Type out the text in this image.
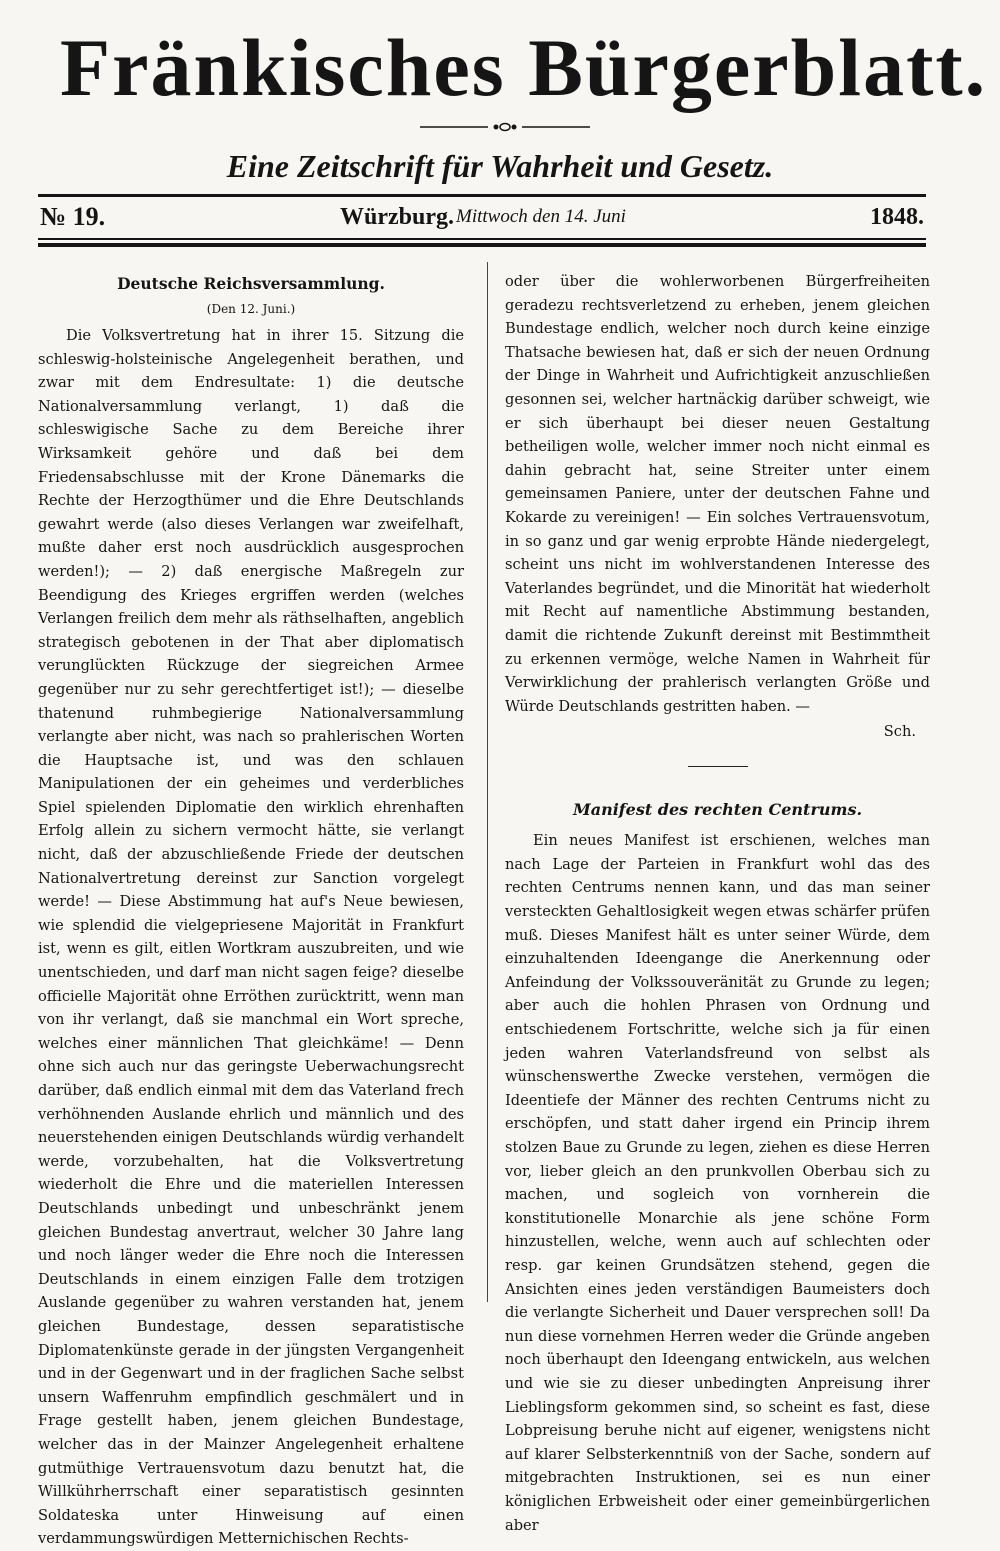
Fränkisches Bürgerblatt.
Eine Zeitschrift für Wahrheit und Gesetz.
№ 19.	Würzburg. Mittwoch den 14. Juni	1848.
Deutsche Reichsversammlung.
(Den 12. Juni.)

Die Volksvertretung hat in ihrer 15. Sitzung die schleswig-holsteinische Angelegenheit berathen, und zwar mit dem Endresultate: 1) die deutsche Nationalversammlung verlangt, 1) daß die schleswigische Sache zu dem Bereiche ihrer Wirksamkeit gehöre und daß bei dem Friedensabschlusse mit der Krone Dänemarks die Rechte der Herzogthümer und die Ehre Deutschlands gewahrt werde (also dieses Verlangen war zweifelhaft, mußte daher erst noch ausdrücklich ausgesprochen werden!); — 2) daß energische Maßregeln zur Beendigung des Krieges ergriffen werden (welches Verlangen freilich dem mehr als räthselhaften, angeblich strategisch gebotenen in der That aber diplomatisch verunglückten Rückzuge der siegreichen Armee gegenüber nur zu sehr gerechtfertiget ist!); — dieselbe thatenund ruhmbegierige Nationalversammlung verlangte aber nicht, was nach so prahlerischen Worten die Hauptsache ist, und was den schlauen Manipulationen der ein geheimes und verderbliches Spiel spielenden Diplomatie den wirklich ehrenhaften Erfolg allein zu sichern vermocht hätte, sie verlangt nicht, daß der abzuschließende Friede der deutschen Nationalvertretung dereinst zur Sanction vorgelegt werde! — Diese Abstimmung hat auf's Neue bewiesen, wie splendid die vielgepriesene Majorität in Frankfurt ist, wenn es gilt, eitlen Wortkram auszubreiten, und wie unentschieden, und darf man nicht sagen feige? dieselbe officielle Majorität ohne Erröthen zurücktritt, wenn man von ihr verlangt, daß sie manchmal ein Wort spreche, welches einer männlichen That gleichkäme! — Denn ohne sich auch nur das geringste Ueberwachungsrecht darüber, daß endlich einmal mit dem das Vaterland frech verhöhnenden Auslande ehrlich und männlich und des neuerstehenden einigen Deutschlands würdig verhandelt werde, vorzubehalten, hat die Volksvertretung wiederholt die Ehre und die materiellen Interessen Deutschlands unbedingt und unbeschränkt jenem gleichen Bundestag anvertraut, welcher 30 Jahre lang und noch länger weder die Ehre noch die Interessen Deutschlands in einem einzigen Falle dem trotzigen Auslande gegenüber zu wahren verstanden hat, jenem gleichen Bundestage, dessen separatistische Diplomatenkünste gerade in der jüngsten Vergangenheit und in der Gegenwart und in der fraglichen Sache selbst unsern Waffenruhm empfindlich geschmälert und in Frage gestellt haben, jenem gleichen Bundestage, welcher das in der Mainzer Angelegenheit erhaltene gutmüthige Vertrauensvotum dazu benutzt hat, die Willkührherrschaft einer separatistisch gesinnten Soldateska unter Hinweisung auf einen verdammungswürdigen Metternichischen Rechts-

oder über die wohlerworbenen Bürgerfreiheiten geradezu rechtsverletzend zu erheben, jenem gleichen Bundestage endlich, welcher noch durch keine einzige Thatsache bewiesen hat, daß er sich der neuen Ordnung der Dinge in Wahrheit und Aufrichtigkeit anzuschließen gesonnen sei, welcher hartnäckig darüber schweigt, wie er sich überhaupt bei dieser neuen Gestaltung betheiligen wolle, welcher immer noch nicht einmal es dahin gebracht hat, seine Streiter unter einem gemeinsamen Paniere, unter der deutschen Fahne und Kokarde zu vereinigen! — Ein solches Vertrauensvotum, in so ganz und gar wenig erprobte Hände niedergelegt, scheint uns nicht im wohlverstandenen Interesse des Vaterlandes begründet, und die Minorität hat wiederholt mit Recht auf namentliche Abstimmung bestanden, damit die richtende Zukunft dereinst mit Bestimmtheit zu erkennen vermöge, welche Namen in Wahrheit für Verwirklichung der prahlerisch verlangten Größe und Würde Deutschlands gestritten haben. —

Sch.
Manifest des rechten Centrums.

Ein neues Manifest ist erschienen, welches man nach Lage der Parteien in Frankfurt wohl das des rechten Centrums nennen kann, und das man seiner versteckten Gehaltlosigkeit wegen etwas schärfer prüfen muß. Dieses Manifest hält es unter seiner Würde, dem einzuhaltenden Ideengange die Anerkennung oder Anfeindung der Volkssouveränität zu Grunde zu legen; aber auch die hohlen Phrasen von Ordnung und entschiedenem Fortschritte, welche sich ja für einen jeden wahren Vaterlandsfreund von selbst als wünschenswerthe Zwecke verstehen, vermögen die Ideentiefe der Männer des rechten Centrums nicht zu erschöpfen, und statt daher irgend ein Princip ihrem stolzen Baue zu Grunde zu legen, ziehen es diese Herren vor, lieber gleich an den prunkvollen Oberbau sich zu machen, und sogleich von vornherein die konstitutionelle Monarchie als jene schöne Form hinzustellen, welche, wenn auch auf schlechten oder resp. gar keinen Grundsätzen stehend, gegen die Ansichten eines jeden verständigen Baumeisters doch die verlangte Sicherheit und Dauer versprechen soll! Da nun diese vornehmen Herren weder die Gründe angeben noch überhaupt den Ideengang entwickeln, aus welchen und wie sie zu dieser unbedingten Anpreisung ihrer Lieblingsform gekommen sind, so scheint es fast, diese Lobpreisung beruhe nicht auf eigener, wenigstens nicht auf klarer Selbsterkenntniß von der Sache, sondern auf mitgebrachten Instruktionen, sei es nun einer königlichen Erbweisheit oder einer gemeinbürgerlichen aber
